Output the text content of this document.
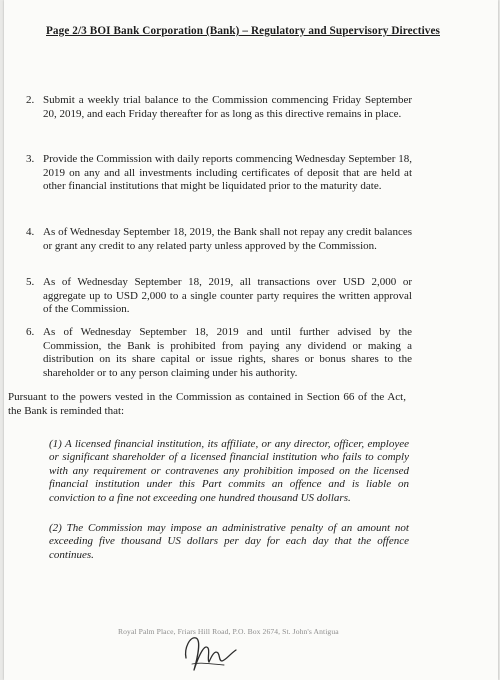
Page 2/3 BOI Bank Corporation (Bank) – Regulatory and Supervisory Directives
2. Submit a weekly trial balance to the Commission commencing Friday September 20, 2019, and each Friday thereafter for as long as this directive remains in place.
3. Provide the Commission with daily reports commencing Wednesday September 18, 2019 on any and all investments including certificates of deposit that are held at other financial institutions that might be liquidated prior to the maturity date.
4. As of Wednesday September 18, 2019, the Bank shall not repay any credit balances or grant any credit to any related party unless approved by the Commission.
5. As of Wednesday September 18, 2019, all transactions over USD 2,000 or aggregate up to USD 2,000 to a single counter party requires the written approval of the Commission.
6. As of Wednesday September 18, 2019 and until further advised by the Commission, the Bank is prohibited from paying any dividend or making a distribution on its share capital or issue rights, shares or bonus shares to the shareholder or to any person claiming under his authority.
Pursuant to the powers vested in the Commission as contained in Section 66 of the Act, the Bank is reminded that:
(1) A licensed financial institution, its affiliate, or any director, officer, employee or significant shareholder of a licensed financial institution who fails to comply with any requirement or contravenes any prohibition imposed on the licensed financial institution under this Part commits an offence and is liable on conviction to a fine not exceeding one hundred thousand US dollars.
(2) The Commission may impose an administrative penalty of an amount not exceeding five thousand US dollars per day for each day that the offence continues.
Royal Palm Place, Friars Hill Road, P.O. Box 2674, St. John's Antigua
